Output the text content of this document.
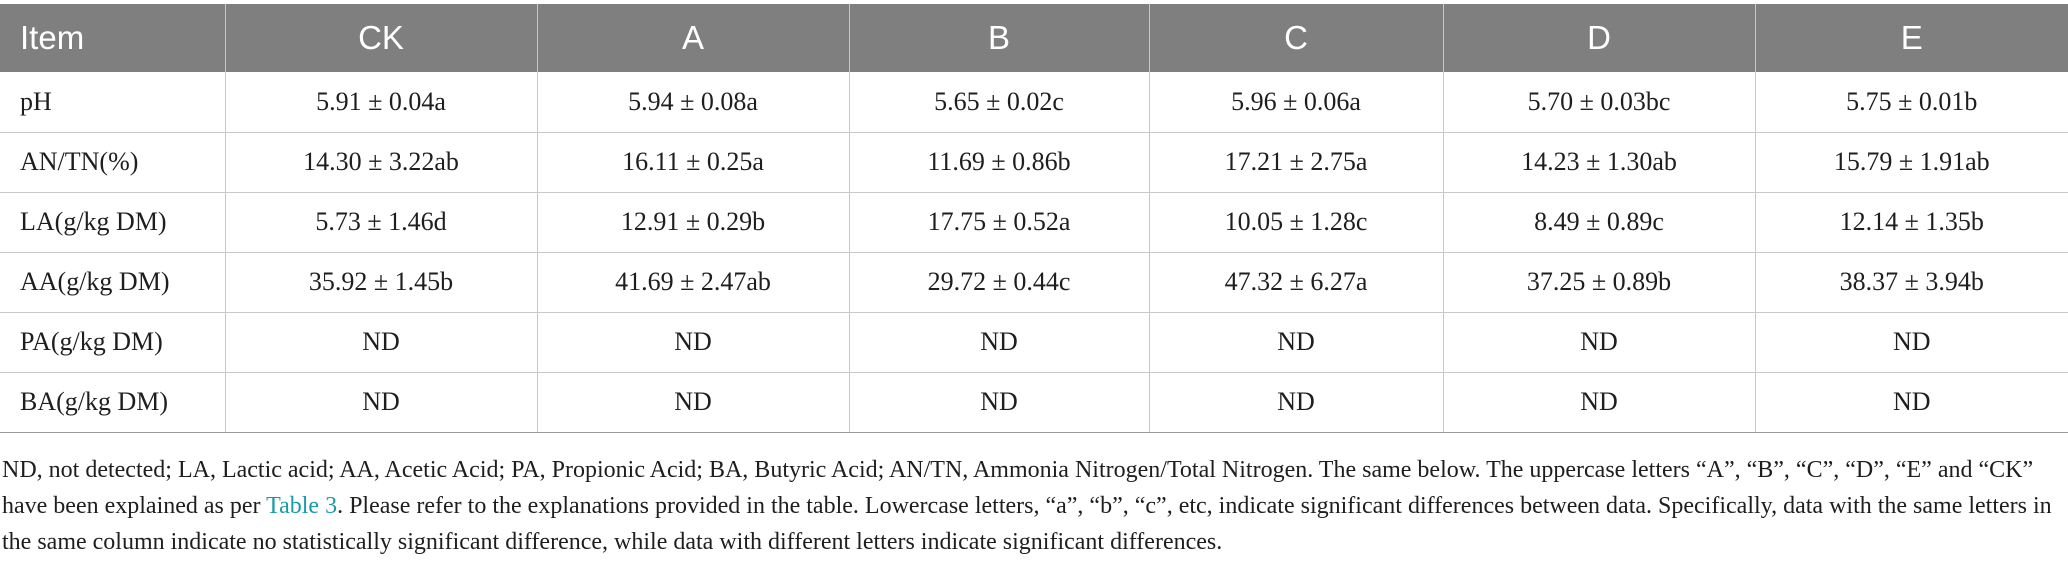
Item	CK	A	B	C	D	E
pH	5.91 ± 0.04a	5.94 ± 0.08a	5.65 ± 0.02c	5.96 ± 0.06a	5.70 ± 0.03bc	5.75 ± 0.01b
AN/TN(%)	14.30 ± 3.22ab	16.11 ± 0.25a	11.69 ± 0.86b	17.21 ± 2.75a	14.23 ± 1.30ab	15.79 ± 1.91ab
LA(g/kg DM)	5.73 ± 1.46d	12.91 ± 0.29b	17.75 ± 0.52a	10.05 ± 1.28c	8.49 ± 0.89c	12.14 ± 1.35b
AA(g/kg DM)	35.92 ± 1.45b	41.69 ± 2.47ab	29.72 ± 0.44c	47.32 ± 6.27a	37.25 ± 0.89b	38.37 ± 3.94b
PA(g/kg DM)	ND	ND	ND	ND	ND	ND
BA(g/kg DM)	ND	ND	ND	ND	ND	ND

ND, not detected; LA, Lactic acid; AA, Acetic Acid; PA, Propionic Acid; BA, Butyric Acid; AN/TN, Ammonia Nitrogen/Total Nitrogen. The same below. The uppercase letters “A”, “B”, “C”, “D”, “E” and “CK” have been explained as per Table 3. Please refer to the explanations provided in the table. Lowercase letters, “a”, “b”, “c”, etc, indicate significant differences between data. Specifically, data with the same letters in the same column indicate no statistically significant difference, while data with different letters indicate significant differences.
